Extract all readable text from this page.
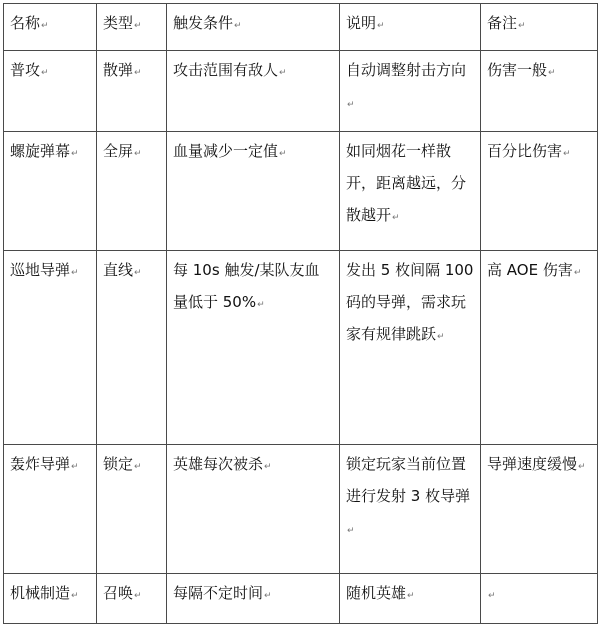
名称↵	类型↵	触发条件↵	说明↵	备注↵
普攻↵	散弹↵	攻击范围有敌人↵	自动调整射击方向↵	伤害一般↵
螺旋弹幕↵	全屏↵	血量减少一定值↵	如同烟花一样散开，距离越远，分散越开↵	百分比伤害↵
巡地导弹↵	直线↵	每 10s 触发/某队友血量低于 50%↵	发出 5 枚间隔 100 码的导弹，需求玩家有规律跳跃↵	高 AOE 伤害↵
轰炸导弹↵	锁定↵	英雄每次被杀↵	锁定玩家当前位置进行发射 3 枚导弹↵	导弹速度缓慢↵
机械制造↵	召唤↵	每隔不定时间↵	随机英雄↵	↵
